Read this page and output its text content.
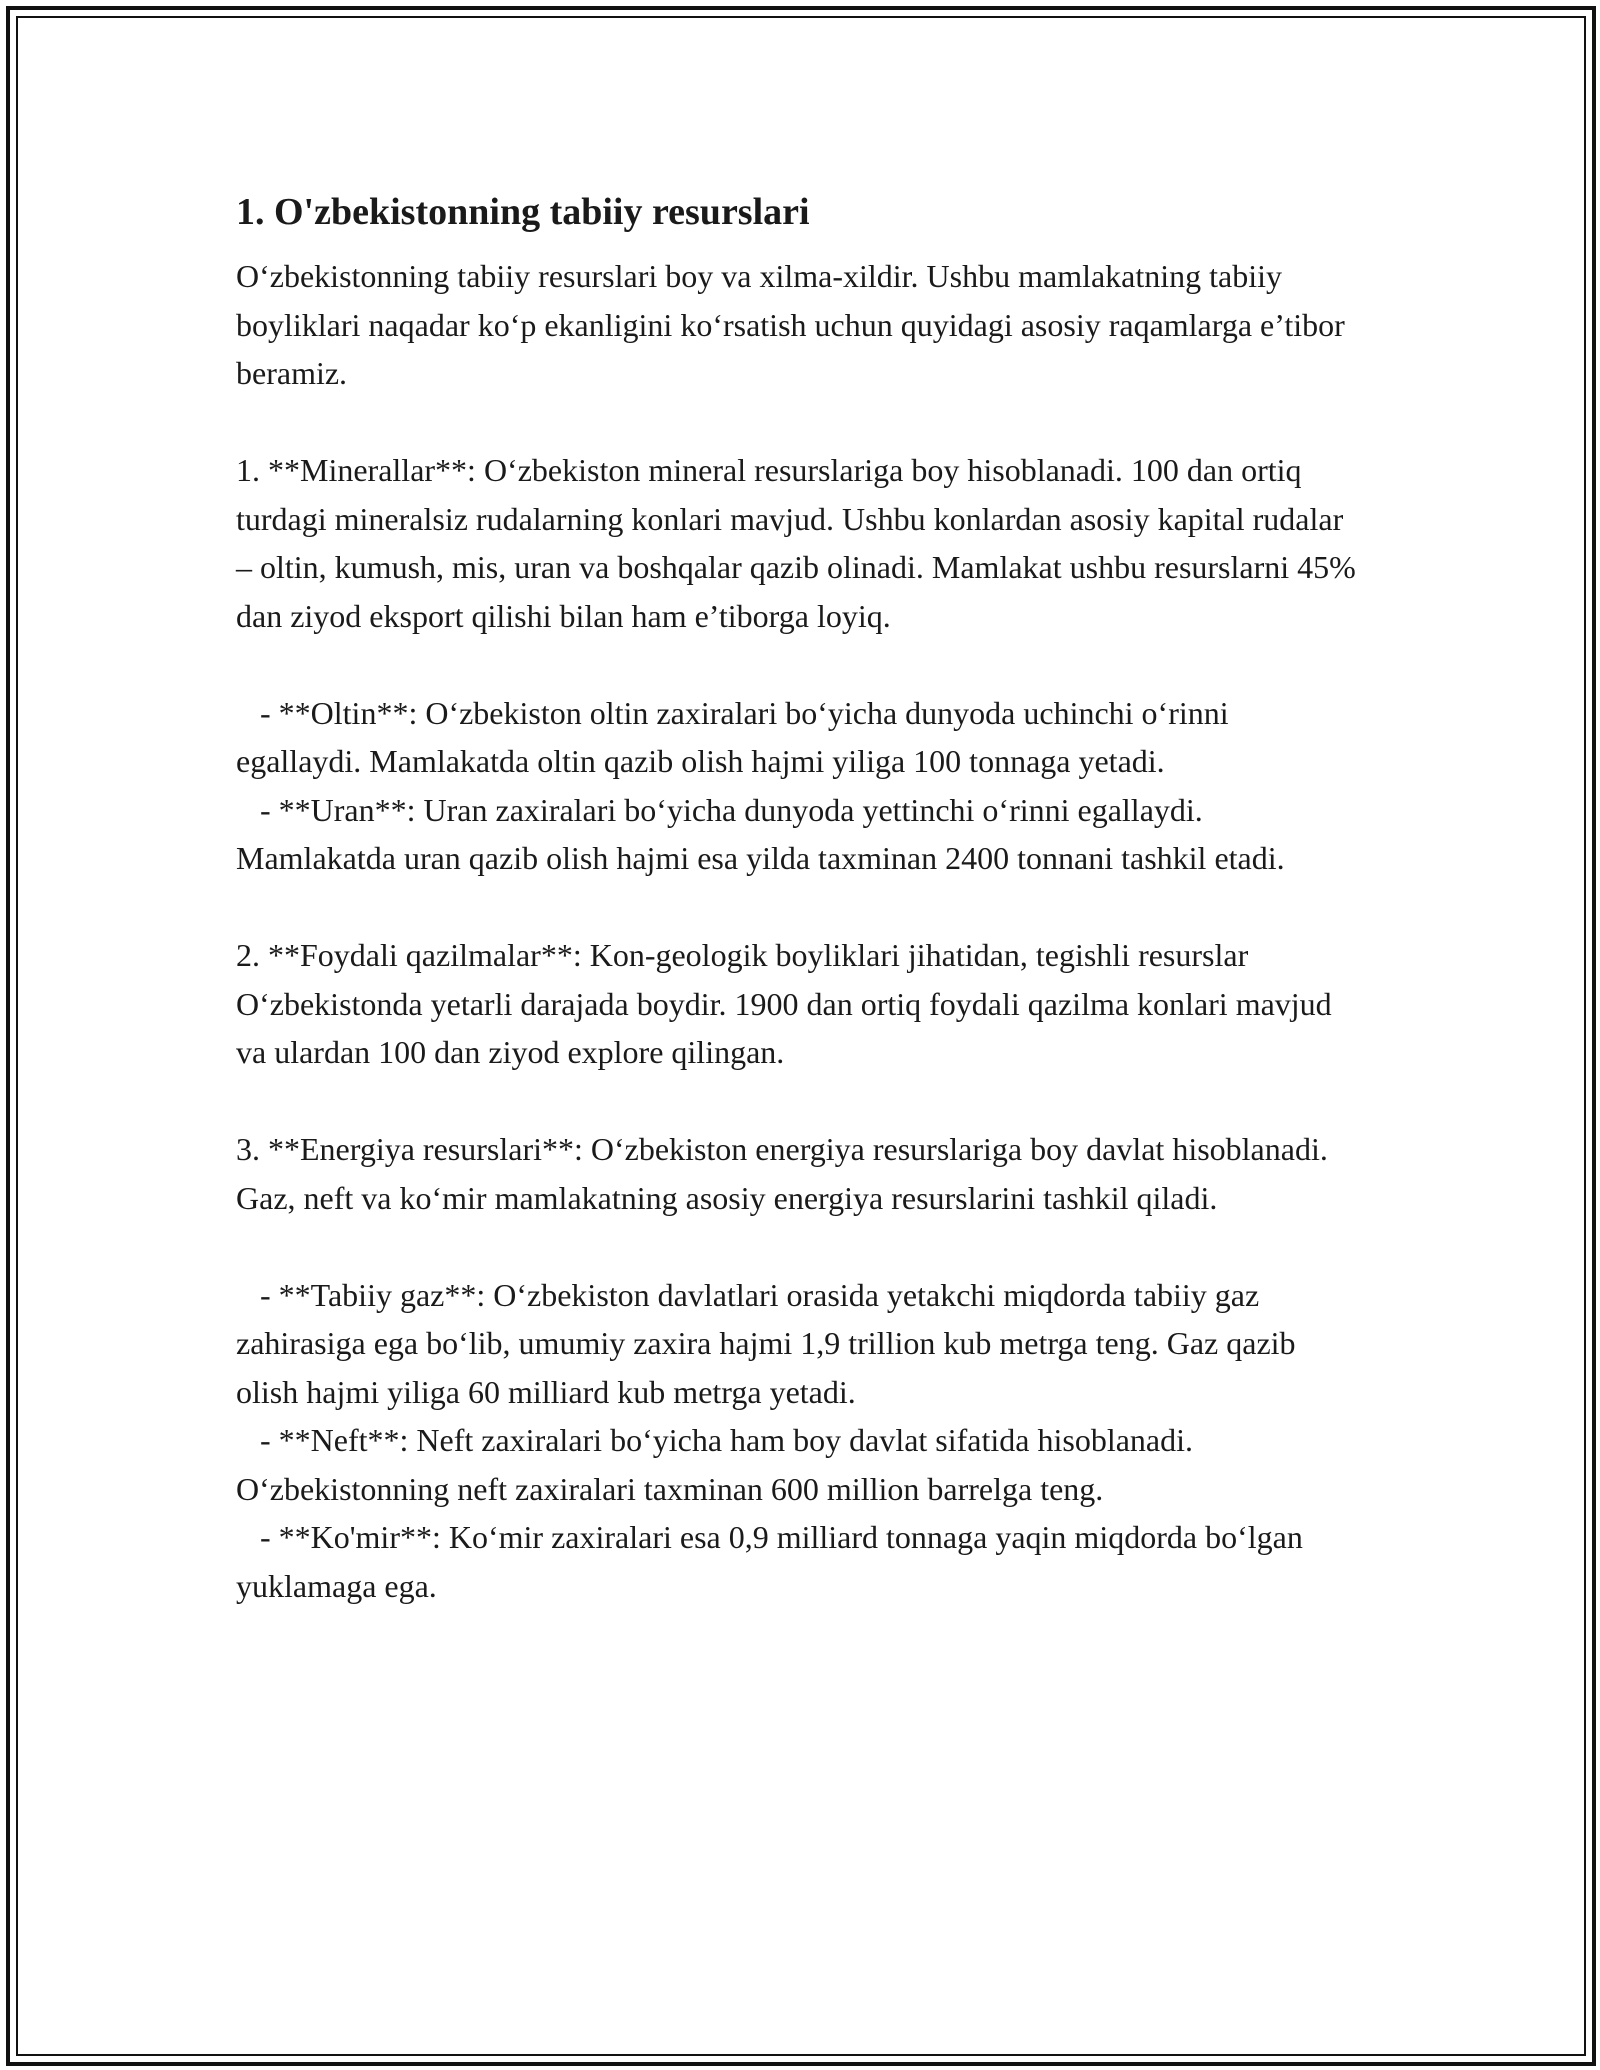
1. O'zbekistonning tabiiy resurslari

O‘zbekistonning tabiiy resurslari boy va xilma-xildir. Ushbu mamlakatning tabiiy boyliklari naqadar ko‘p ekanligini ko‘rsatish uchun quyidagi asosiy raqamlarga e’tibor beramiz.

1. **Minerallar**: O‘zbekiston mineral resurslariga boy hisoblanadi. 100 dan ortiq turdagi mineralsiz rudalarning konlari mavjud. Ushbu konlardan asosiy kapital rudalar – oltin, kumush, mis, uran va boshqalar qazib olinadi. Mamlakat ushbu resurslarni 45% dan ziyod eksport qilishi bilan ham e’tiborga loyiq.

- **Oltin**: O‘zbekiston oltin zaxiralari bo‘yicha dunyoda uchinchi o‘rinni egallaydi. Mamlakatda oltin qazib olish hajmi yiliga 100 tonnaga yetadi.

- **Uran**: Uran zaxiralari bo‘yicha dunyoda yettinchi o‘rinni egallaydi. Mamlakatda uran qazib olish hajmi esa yilda taxminan 2400 tonnani tashkil etadi.

2. **Foydali qazilmalar**: Kon-geologik boyliklari jihatidan, tegishli resurslar O‘zbekistonda yetarli darajada boydir. 1900 dan ortiq foydali qazilma konlari mavjud va ulardan 100 dan ziyod explore qilingan.

3. **Energiya resurslari**: O‘zbekiston energiya resurslariga boy davlat hisoblanadi. Gaz, neft va ko‘mir mamlakatning asosiy energiya resurslarini tashkil qiladi.

- **Tabiiy gaz**: O‘zbekiston davlatlari orasida yetakchi miqdorda tabiiy gaz zahirasiga ega bo‘lib, umumiy zaxira hajmi 1,9 trillion kub metrga teng. Gaz qazib olish hajmi yiliga 60 milliard kub metrga yetadi.

- **Neft**: Neft zaxiralari bo‘yicha ham boy davlat sifatida hisoblanadi. O‘zbekistonning neft zaxiralari taxminan 600 million barrelga teng.

- **Ko'mir**: Ko‘mir zaxiralari esa 0,9 milliard tonnaga yaqin miqdorda bo‘lgan yuklamaga ega.
